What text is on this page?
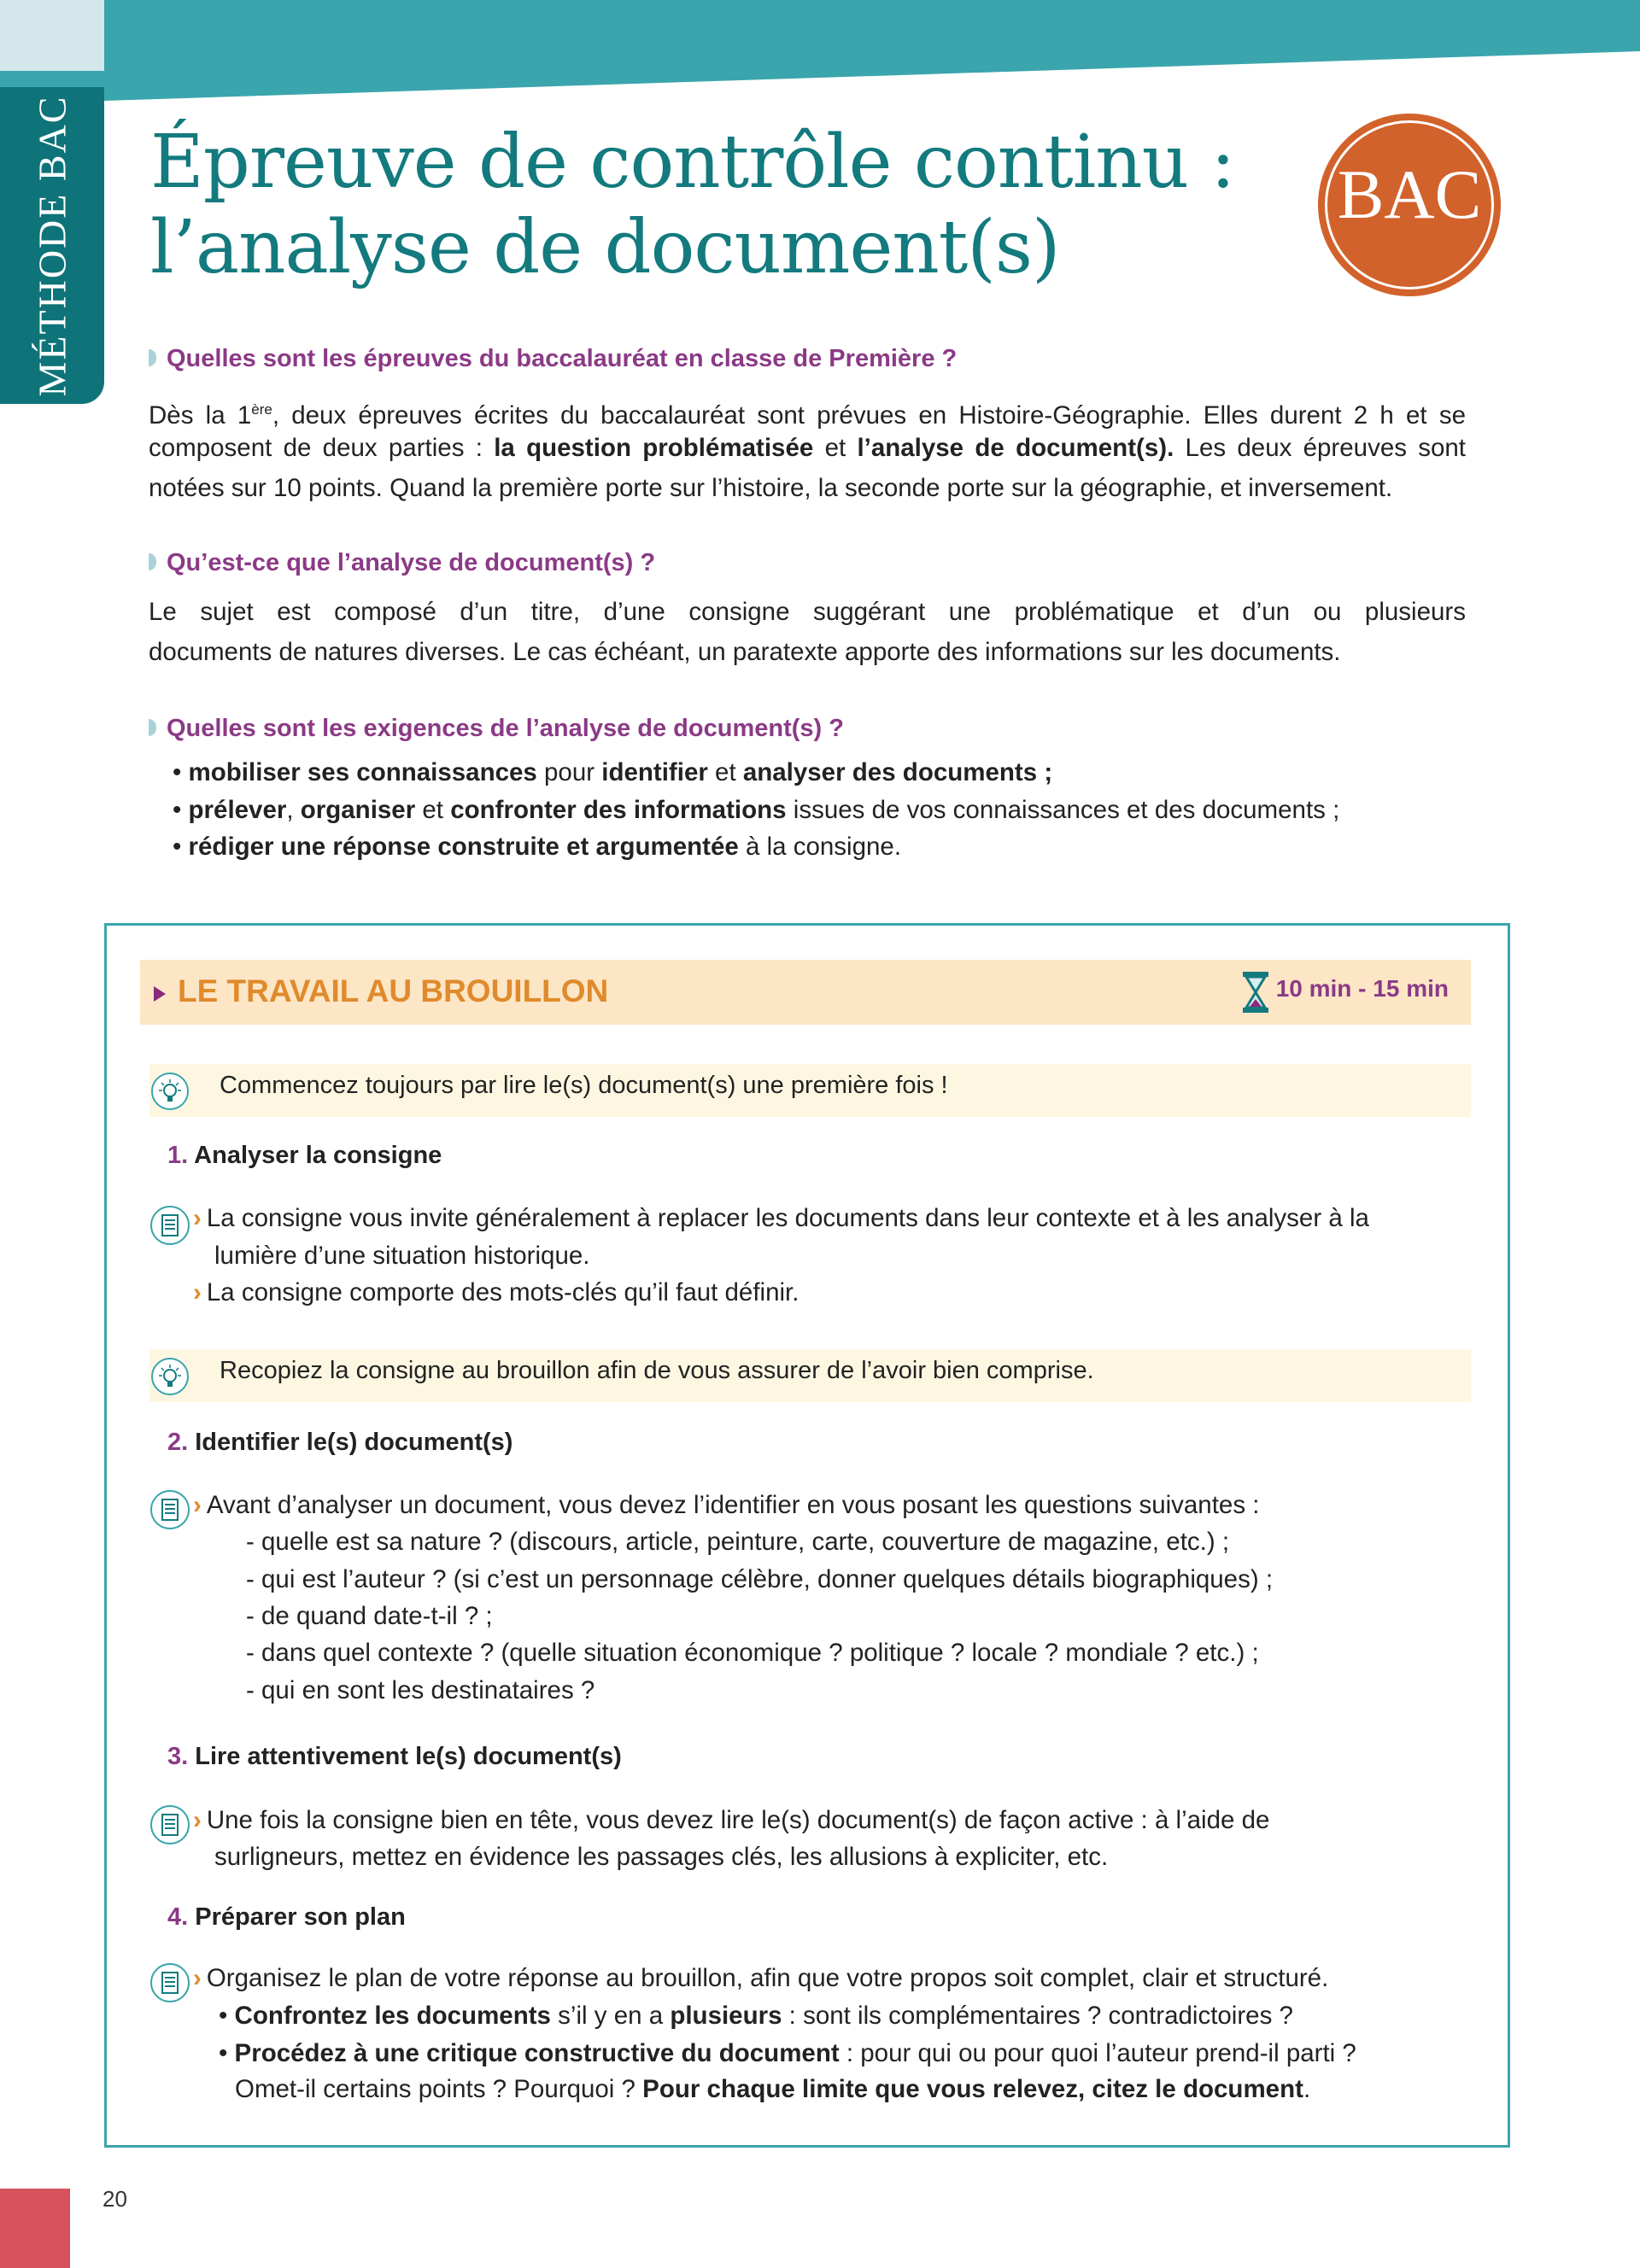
MÉTHODE BAC Épreuve de contrôle continu :
l’analyse de document(s)
BAC
Quelles sont les épreuves du baccalauréat en classe de Première ?
Dès la 1ère, deux épreuves écrites du baccalauréat sont prévues en Histoire-Géographie. Elles durent 2 h et se
composent de deux parties : la question problématisée et l’analyse de document(s). Les deux épreuves sont
notées sur 10 points. Quand la première porte sur l’histoire, la seconde porte sur la géographie, et inversement.
Qu’est-ce que l’analyse de document(s) ?
Le sujet est composé d’un titre, d’une consigne suggérant une problématique et d’un ou plusieurs
documents de natures diverses. Le cas échéant, un paratexte apporte des informations sur les documents.
Quelles sont les exigences de l’analyse de document(s) ?
• mobiliser ses connaissances pour identifier et analyser des documents ;
• prélever, organiser et confronter des informations issues de vos connaissances et des documents ;
• rédiger une réponse construite et argumentée à la consigne.
LE TRAVAIL AU BROUILLON	10 min - 15 min
Commencez toujours par lire le(s) document(s) une première fois !
1. Analyser la consigne
› La consigne vous invite généralement à replacer les documents dans leur contexte et à les analyser à la
lumière d’une situation historique.
› La consigne comporte des mots-clés qu’il faut définir.
Recopiez la consigne au brouillon afin de vous assurer de l’avoir bien comprise.
2. Identifier le(s) document(s)
› Avant d’analyser un document, vous devez l’identifier en vous posant les questions suivantes :
- quelle est sa nature ? (discours, article, peinture, carte, couverture de magazine, etc.) ;
- qui est l’auteur ? (si c’est un personnage célèbre, donner quelques détails biographiques) ;
- de quand date-t-il ? ;
- dans quel contexte ? (quelle situation économique ? politique ? locale ? mondiale ? etc.) ;
- qui en sont les destinataires ?
3. Lire attentivement le(s) document(s)
› Une fois la consigne bien en tête, vous devez lire le(s) document(s) de façon active : à l’aide de
surligneurs, mettez en évidence les passages clés, les allusions à expliciter, etc.
4. Préparer son plan
› Organisez le plan de votre réponse au brouillon, afin que votre propos soit complet, clair et structuré.
• Confrontez les documents s’il y en a plusieurs : sont ils complémentaires ? contradictoires ?
• Procédez à une critique constructive du document : pour qui ou pour quoi l’auteur prend-il parti ?
Omet-il certains points ? Pourquoi ? Pour chaque limite que vous relevez, citez le document.
20
